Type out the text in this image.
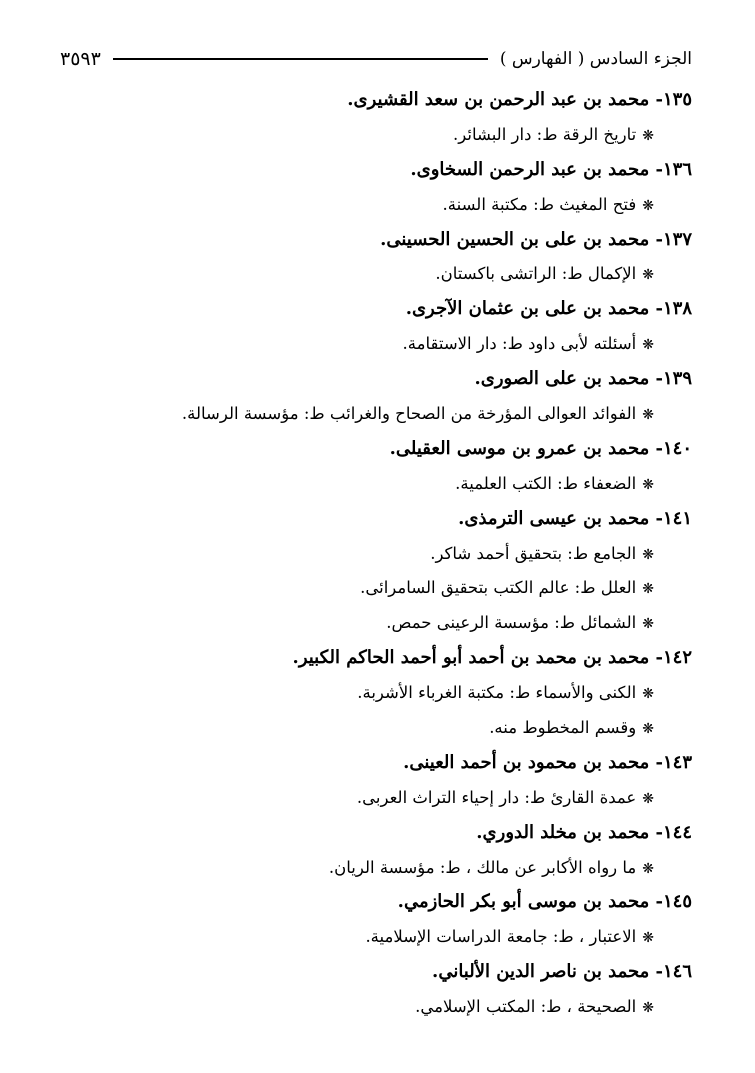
الجزء السادس ( الفهارس )
٣٥٩٣
١٣٥- محمد بن عبد الرحمن بن سعد القشيرى.
❋تاريخ الرقة ط: دار البشائر.
١٣٦- محمد بن عبد الرحمن السخاوى.
❋فتح المغيث ط: مكتبة السنة.
١٣٧- محمد بن على بن الحسين الحسينى.
❋الإكمال ط: الراتشى باكستان.
١٣٨- محمد بن على بن عثمان الآجرى.
❋أسئلته لأبى داود ط: دار الاستقامة.
١٣٩- محمد بن على الصورى.
❋الفوائد العوالى المؤرخة من الصحاح والغرائب ط: مؤسسة الرسالة.
١٤٠- محمد بن عمرو بن موسى العقيلى.
❋الضعفاء ط: الكتب العلمية.
١٤١- محمد بن عيسى الترمذى.
❋الجامع ط: بتحقيق أحمد شاكر.
❋العلل ط: عالم الكتب بتحقيق السامرائى.
❋الشمائل ط: مؤسسة الرعينى حمص.
١٤٢- محمد بن محمد بن أحمد أبو أحمد الحاكم الكبير.
❋الكنى والأسماء ط: مكتبة الغرباء الأشربة.
❋وقسم المخطوط منه.
١٤٣- محمد بن محمود بن أحمد العينى.
❋عمدة القارئ ط: دار إحياء التراث العربى.
١٤٤- محمد بن مخلد الدوري.
❋ما رواه الأكابر عن مالك ، ط: مؤسسة الريان.
١٤٥- محمد بن موسى أبو بكر الحازمي.
❋الاعتبار ، ط: جامعة الدراسات الإسلامية.
١٤٦- محمد بن ناصر الدين الألباني.
❋الصحيحة ، ط: المكتب الإسلامي.
